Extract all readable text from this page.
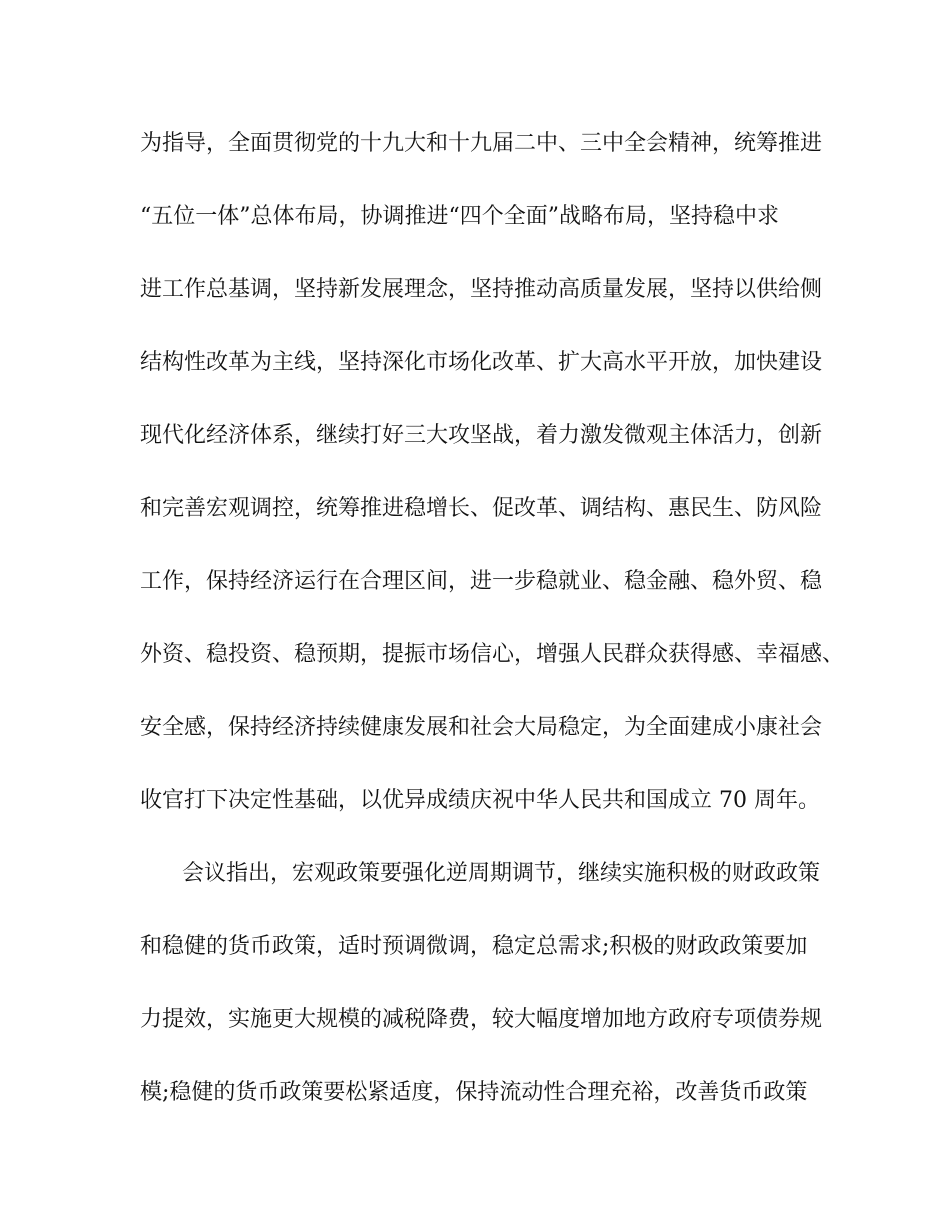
为指导，全面贯彻党的十九大和十九届二中、三中全会精神，统筹推进
“五位一体”总体布局，协调推进“四个全面”战略布局，坚持稳中求
进工作总基调，坚持新发展理念，坚持推动高质量发展，坚持以供给侧
结构性改革为主线，坚持深化市场化改革、扩大高水平开放，加快建设
现代化经济体系，继续打好三大攻坚战，着力激发微观主体活力，创新
和完善宏观调控，统筹推进稳增长、促改革、调结构、惠民生、防风险
工作，保持经济运行在合理区间，进一步稳就业、稳金融、稳外贸、稳
外资、稳投资、稳预期，提振市场信心，增强人民群众获得感、幸福感、
安全感，保持经济持续健康发展和社会大局稳定，为全面建成小康社会
收官打下决定性基础，以优异成绩庆祝中华人民共和国成立 70 周年。
会议指出，宏观政策要强化逆周期调节，继续实施积极的财政政策
和稳健的货币政策，适时预调微调，稳定总需求;积极的财政政策要加
力提效，实施更大规模的减税降费，较大幅度增加地方政府专项债券规
模;稳健的货币政策要松紧适度，保持流动性合理充裕，改善货币政策
